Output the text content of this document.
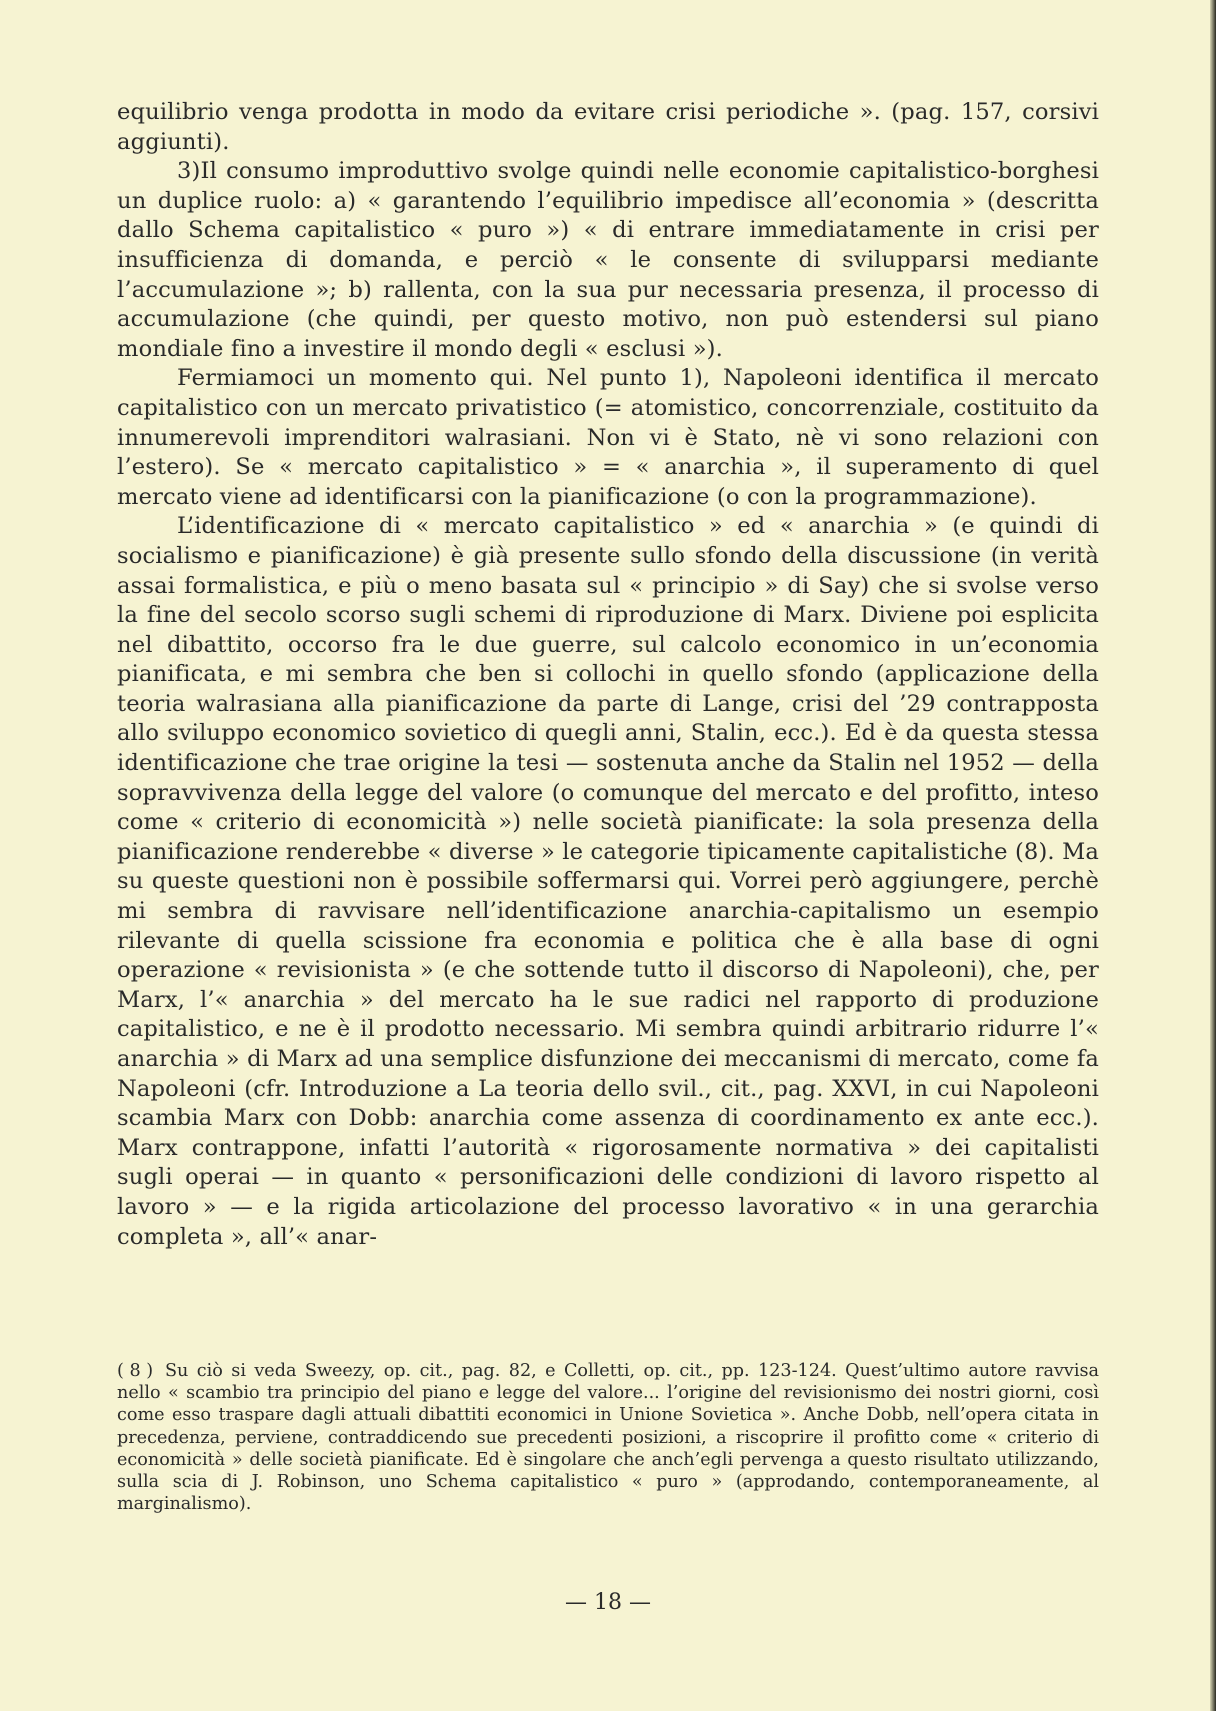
equilibrio venga prodotta in modo da evitare crisi periodiche ». (pag. 157, corsivi aggiunti).

3)Il consumo improduttivo svolge quindi nelle economie capitalistico-borghesi un duplice ruolo: a) « garantendo l’equilibrio impedisce all’economia » (descritta dallo Schema capitalistico « puro ») « di entrare immediatamente in crisi per insufficienza di domanda, e perciò « le consente di svilupparsi mediante l’accumulazione »; b) rallenta, con la sua pur necessaria presenza, il processo di accumulazione (che quindi, per questo motivo, non può estendersi sul piano mondiale fino a investire il mondo degli « esclusi »).

Fermiamoci un momento qui. Nel punto 1), Napoleoni identifica il mercato capitalistico con un mercato privatistico (= atomistico, concorrenziale, costituito da innumerevoli imprenditori walrasiani. Non vi è Stato, nè vi sono relazioni con l’estero). Se « mercato capitalistico » = « anarchia », il superamento di quel mercato viene ad identificarsi con la pianificazione (o con la programmazione).

L’identificazione di « mercato capitalistico » ed « anarchia » (e quindi di socialismo e pianificazione) è già presente sullo sfondo della discussione (in verità assai formalistica, e più o meno basata sul « principio » di Say) che si svolse verso la fine del secolo scorso sugli schemi di riproduzione di Marx. Diviene poi esplicita nel dibattito, occorso fra le due guerre, sul calcolo economico in un’economia pianificata, e mi sembra che ben si collochi in quello sfondo (applicazione della teoria walrasiana alla pianificazione da parte di Lange, crisi del ’29 contrapposta allo sviluppo economico sovietico di quegli anni, Stalin, ecc.). Ed è da questa stessa identificazione che trae origine la tesi — sostenuta anche da Stalin nel 1952 — della sopravvivenza della legge del valore (o comunque del mercato e del profitto, inteso come « criterio di economicità ») nelle società pianificate: la sola presenza della pianificazione renderebbe « diverse » le categorie tipicamente capitalistiche (8). Ma su queste questioni non è possibile soffermarsi qui. Vorrei però aggiungere, perchè mi sembra di ravvisare nell’identificazione anarchia-capitalismo un esempio rilevante di quella scissione fra economia e politica che è alla base di ogni operazione « revisionista » (e che sottende tutto il discorso di Napoleoni), che, per Marx, l’« anarchia » del mercato ha le sue radici nel rapporto di produzione capitalistico, e ne è il prodotto necessario. Mi sembra quindi arbitrario ridurre l’« anarchia » di Marx ad una semplice disfunzione dei meccanismi di mercato, come fa Napoleoni (cfr. Introduzione a La teoria dello svil., cit., pag. XXVI, in cui Napoleoni scambia Marx con Dobb: anarchia come assenza di coordinamento ex ante ecc.). Marx contrappone, infatti l’autorità « rigorosamente normativa » dei capitalisti sugli operai — in quanto « personificazioni delle condizioni di lavoro rispetto al lavoro » — e la rigida articolazione del processo lavorativo « in una gerarchia completa », all’« anar-

( 8 ) Su ciò si veda Sweezy, op. cit., pag. 82, e Colletti, op. cit., pp. 123-124. Quest’ultimo autore ravvisa nello « scambio tra principio del piano e legge del valore... l’origine del revisionismo dei nostri giorni, così come esso traspare dagli attuali dibattiti economici in Unione Sovietica ». Anche Dobb, nell’opera citata in precedenza, perviene, contraddicendo sue precedenti posizioni, a riscoprire il profitto come « criterio di economicità » delle società pianificate. Ed è singolare che anch’egli pervenga a questo risultato utilizzando, sulla scia di J. Robinson, uno Schema capitalistico « puro » (approdando, contemporaneamente, al marginalismo).
— 18 —
